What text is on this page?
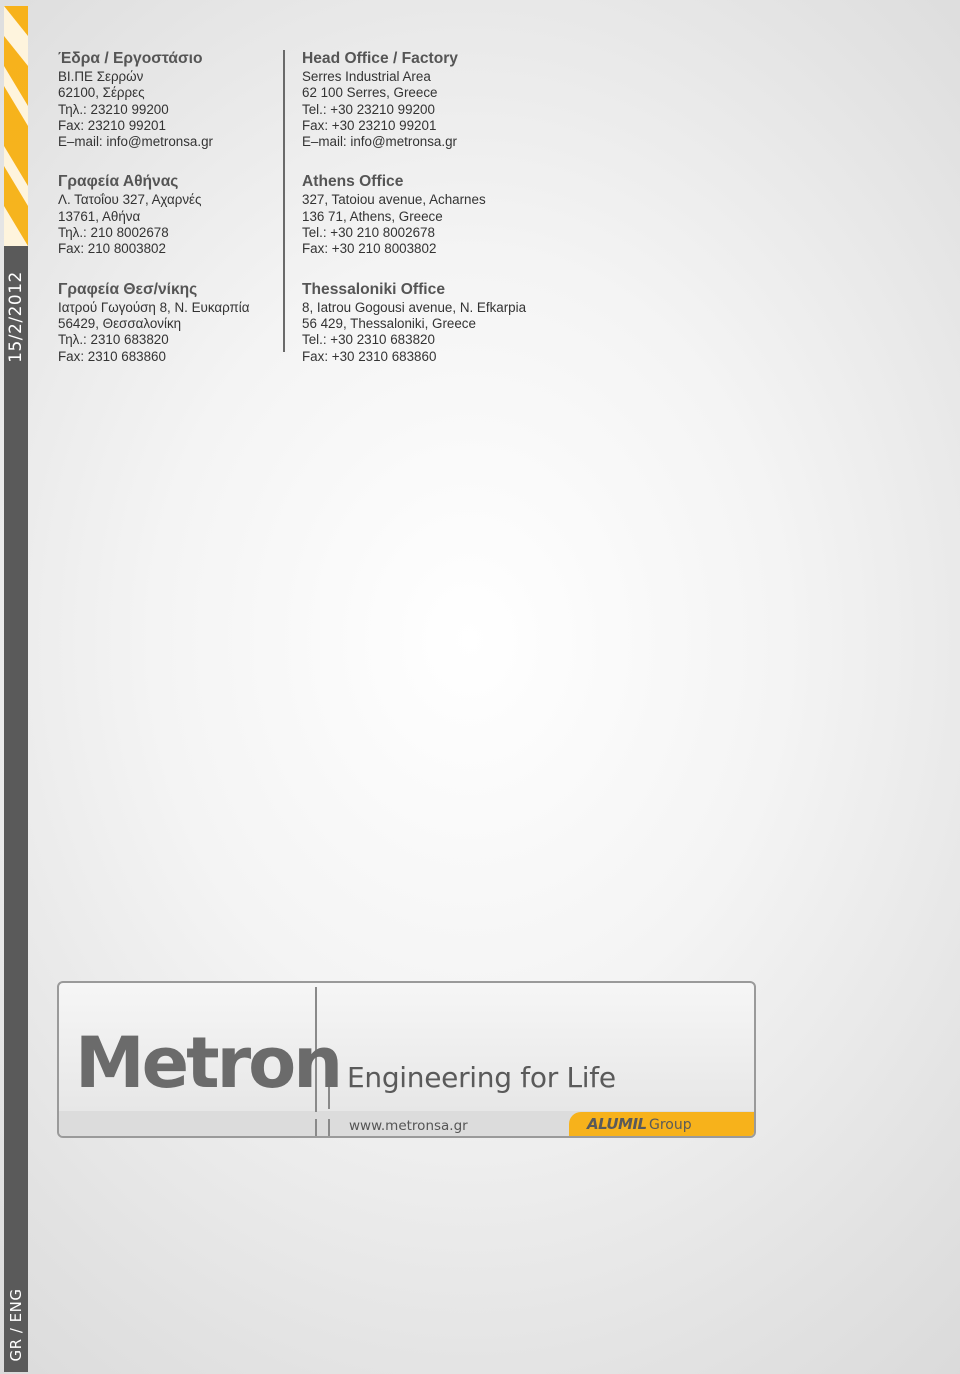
15/2/2012
GR / ENG
Έδρα / Εργοστάσιο
ΒΙ.ΠΕ Σερρών
62100, Σέρρες
Τηλ.: 23210 99200
Fax: 23210 99201
E–mail: info@metronsa.gr
Γραφεία Αθήνας
Λ. Τατοΐου 327, Αχαρνές
13761, Αθήνα
Τηλ.: 210 8002678
Fax: 210 8003802
Γραφεία Θεσ/νίκης
Ιατρού Γωγούση 8, Ν. Ευκαρπία
56429, Θεσσαλονίκη
Τηλ.: 2310 683820
Fax: 2310 683860
Head Office / Factory
Serres Industrial Area
62 100 Serres, Greece
Tel.: +30 23210 99200
Fax: +30 23210 99201
E–mail: info@metronsa.gr
Athens Office
327, Tatoiou avenue, Acharnes
136 71, Athens, Greece
Tel.: +30 210 8002678
Fax: +30 210 8003802
Thessaloniki Office
8, Iatrou Gogousi avenue, N. Efkarpia
56 429, Thessaloniki, Greece
Tel.: +30 2310 683820
Fax: +30 2310 683860
Metron Engineering for Life
www.metronsa.gr	ALUMIL Group
